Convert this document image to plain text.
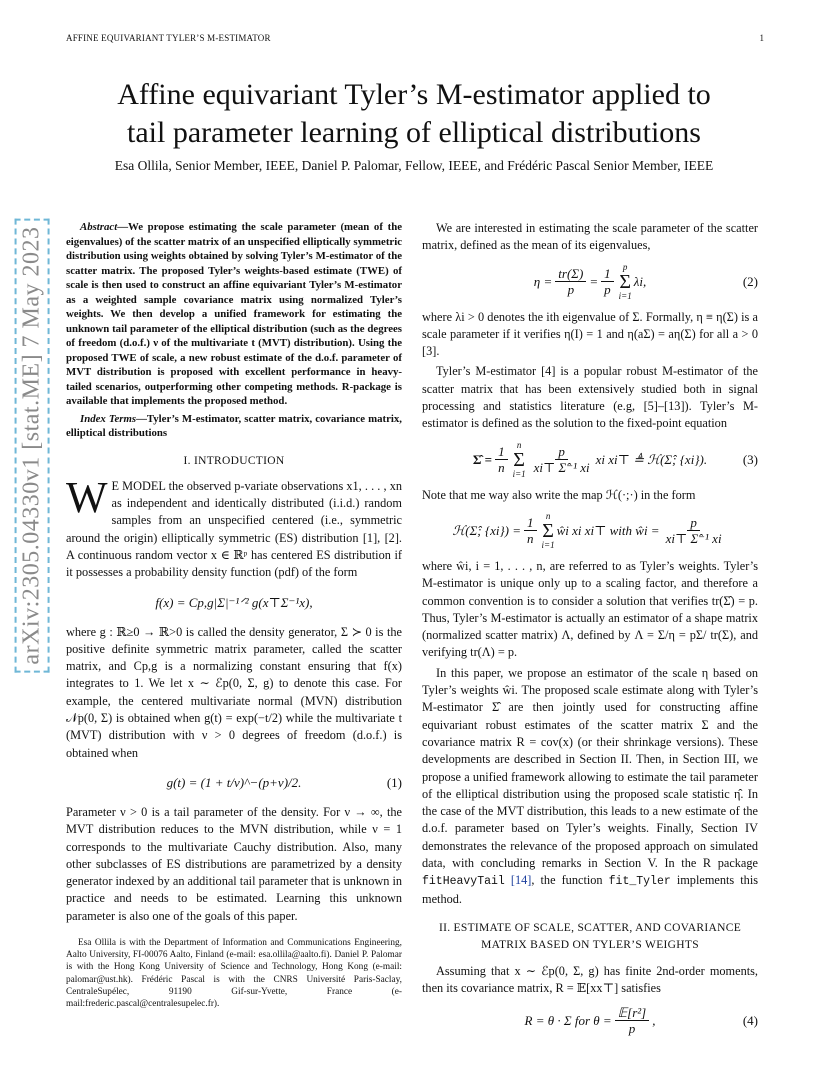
AFFINE EQUIVARIANT TYLER’S M-ESTIMATOR	1
arXiv:2305.04330v1 [stat.ME] 7 May 2023
Affine equivariant Tyler’s M-estimator applied to
tail parameter learning of elliptical distributions
Esa Ollila, Senior Member, IEEE, Daniel P. Palomar, Fellow, IEEE, and Frédéric Pascal Senior Member, IEEE

Abstract—We propose estimating the scale parameter (mean of the eigenvalues) of the scatter matrix of an unspecified elliptically symmetric distribution using weights obtained by solving Tyler’s M-estimator of the scatter matrix. The proposed Tyler’s weights-based estimate (TWE) of scale is then used to construct an affine equivariant Tyler’s M-estimator as a weighted sample covariance matrix using normalized Tyler’s weights. We then develop a unified framework for estimating the unknown tail parameter of the elliptical distribution (such as the degrees of freedom (d.o.f.) ν of the multivariate t (MVT) distribution). Using the proposed TWE of scale, a new robust estimate of the d.o.f. parameter of MVT distribution is proposed with excellent performance in heavy-tailed scenarios, outperforming other competing methods. R-package is available that implements the proposed method.

Index Terms—Tyler’s M-estimator, scatter matrix, covariance matrix, elliptical distributions

I. INTRODUCTION

W E MODEL the observed p-variate observations x1, . . . , xn as independent and identically distributed (i.i.d.) random samples from an unspecified centered (i.e., symmetric around the origin) elliptically symmetric (ES) distribution [1], [2]. A continuous random vector x ∈ ℝᵖ has centered ES distribution if it possesses a probability density function (pdf) of the form

f(x) = Cp,g|Σ|⁻¹ᐟ² g(x⊤Σ⁻¹x),

where g : ℝ≥0 → ℝ>0 is called the density generator, Σ ≻ 0 is the positive definite symmetric matrix parameter, called the scatter matrix, and Cp,g is a normalizing constant ensuring that f(x) integrates to 1. We let x ∼ ℰp(0, Σ, g) to denote this case. For example, the centered multivariate normal (MVN) distribution 𝒩p(0, Σ) is obtained when g(t) = exp(−t/2) while the multivariate t (MVT) distribution with ν > 0 degrees of freedom (d.o.f.) is obtained when

g(t) = (1 + t/ν)^−(p+ν)/2.	(1)

Parameter ν > 0 is a tail parameter of the density. For ν → ∞, the MVT distribution reduces to the MVN distribution, while ν = 1 corresponds to the multivariate Cauchy distribution. Also, many other subclasses of ES distributions are parametrized by a density generator indexed by an additional tail parameter that is unknown in practice and needs to be estimated. Learning this unknown parameter is also one of the goals of this paper.

Esa Ollila is with the Department of Information and Communications Engineering, Aalto University, FI-00076 Aalto, Finland (e-mail: esa.ollila@aalto.fi). Daniel P. Palomar is with the Hong Kong University of Science and Technology, Hong Kong (e-mail: palomar@ust.hk). Frédéric Pascal is with the CNRS Université Paris-Saclay, CentraleSupélec, 91190 Gif-sur-Yvette, France (e-mail:frederic.pascal@centralesupelec.fr).

We are interested in estimating the scale parameter of the scatter matrix, defined as the mean of its eigenvalues,

$\eta = \frac{tr(\Sigma)}{p} = \frac{1}{p}$ p
Σ
i=1
λi,	(2)

where λi > 0 denotes the ith eigenvalue of Σ. Formally, η ≡ η(Σ) is a scale parameter if it verifies η(I) = 1 and η(aΣ) = aη(Σ) for all a > 0 [3].

Tyler’s M-estimator [4] is a popular robust M-estimator of the scatter matrix that has been extensively studied both in signal processing and statistics literature (e.g, [5]–[13]). Tyler’s M-estimator is defined as the solution to the fixed-point equation

Σ̂ = $\frac{1}{n}$ n
Σ
$i=1 \frac{p}{\text{xi⊤ Σ̂⁻¹ xi}}$ xi xi⊤ ≜ ℋ(Σ̂; {xi}).	(3)

Note that me way also write the map ℋ(·;·) in the form

ℋ(Σ̂; $\{xi\}) = \frac{1}{n}$ n
Σ
i=1
ŵi xi xi⊤ with ŵi = $\frac{p}{\text{xi⊤ Σ̂⁻¹ xi}}$

where ŵi, i = 1, . . . , n, are referred to as Tyler’s weights. Tyler’s M-estimator is unique only up to a scaling factor, and therefore a common convention is to consider a solution that verifies tr(Σ̂) = p. Thus, Tyler’s M-estimator is actually an estimator of a shape matrix (normalized scatter matrix) Λ, defined by Λ = Σ/η = pΣ/ tr(Σ), and verifying tr(Λ) = p.

In this paper, we propose an estimator of the scale η based on Tyler’s weights ŵi. The proposed scale estimate along with Tyler’s M-estimator Σ̂ are then jointly used for constructing affine equivariant robust estimates of the scatter matrix Σ and the covariance matrix R = cov(x) (or their shrinkage versions). These developments are described in Section II. Then, in Section III, we propose a unified framework allowing to estimate the tail parameter of the elliptical distribution using the proposed scale statistic η̂. In the case of the MVT distribution, this leads to a new estimate of the d.o.f. parameter based on Tyler’s weights. Finally, Section IV demonstrates the relevance of the proposed approach on simulated data, with concluding remarks in Section V. In the R package fitHeavyTail [14], the function fit_Tyler implements this method.

II. ESTIMATE OF SCALE, SCATTER, AND COVARIANCE
MATRIX BASED ON TYLER’S WEIGHTS

Assuming that x ∼ ℰp(0, Σ, g) has finite 2nd-order moments, then its covariance matrix, R = 𝔼[xx⊤] satisfies

R = θ · Σ for $\theta = \frac{\text{𝔼[r²]}}{p}$ ,	(4)
